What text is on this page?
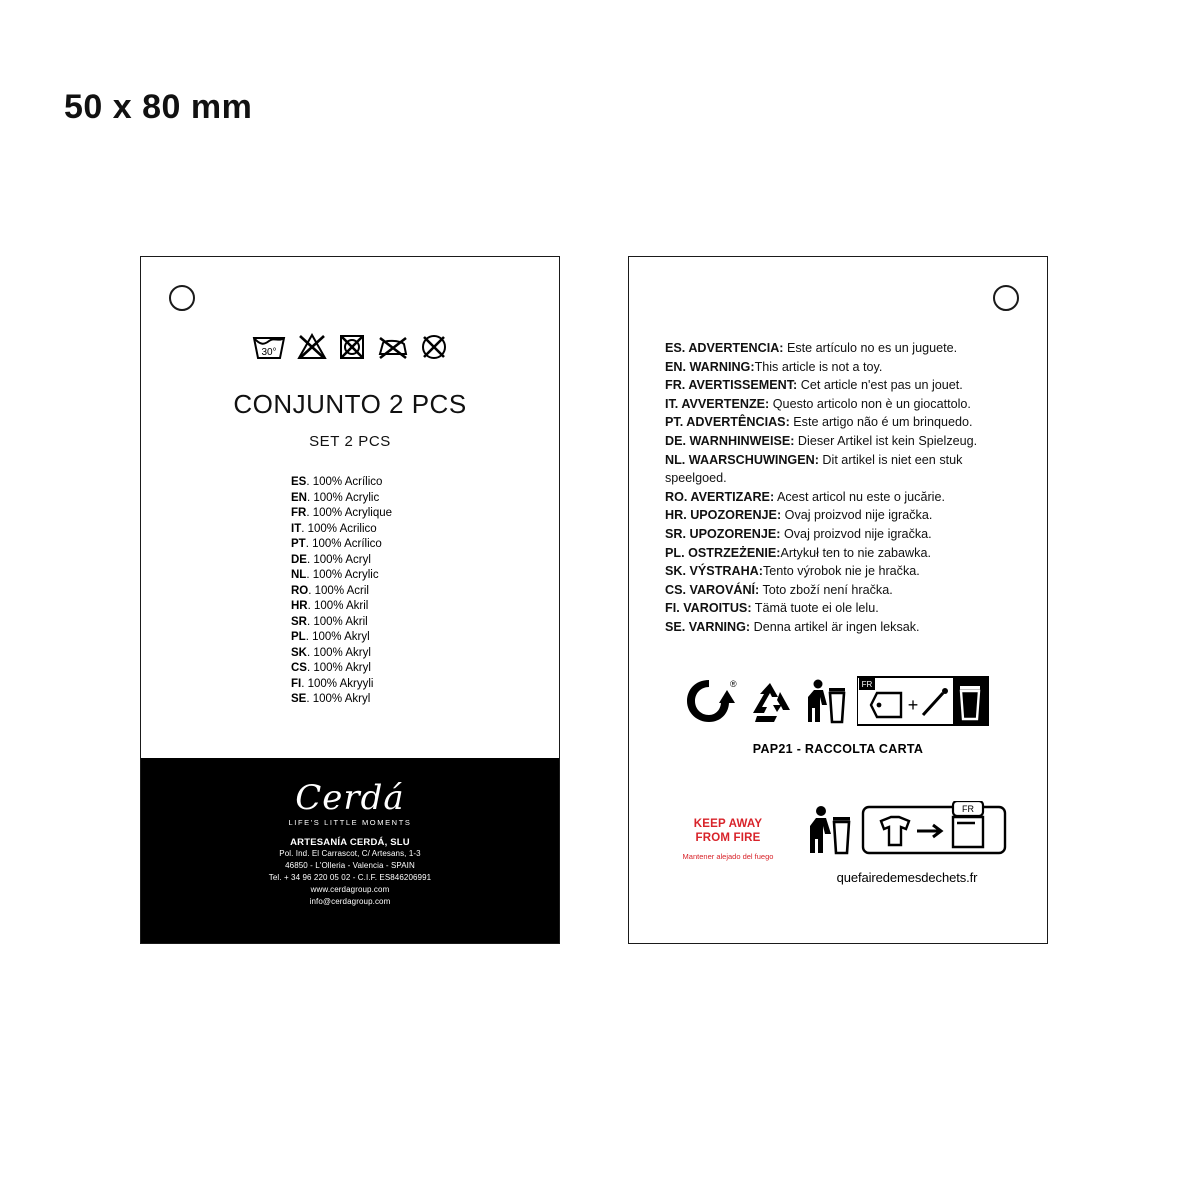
50 x 80 mm
30°
CONJUNTO 2 PCS
SET 2 PCS
ES. 100% Acrílico
EN. 100% Acrylic
FR. 100% Acrylique
IT. 100% Acrilico
PT. 100% Acrílico
DE. 100% Acryl
NL. 100% Acrylic
RO. 100% Acril
HR. 100% Akril
SR. 100% Akril
PL. 100% Akryl
SK. 100% Akryl
CS. 100% Akryl
FI. 100% Akryyli
SE. 100% Akryl
Cerdá
LIFE'S LITTLE MOMENTS
ARTESANÍA CERDÁ, SLU
Pol. Ind. El Carrascot, C/ Artesans, 1-3
46850 - L'Olleria - Valencia - SPAIN
Tel. + 34 96 220 05 02 - C.I.F. ES846206991
www.cerdagroup.com
info@cerdagroup.com
ES. ADVERTENCIA: Este artículo no es un juguete.
EN. WARNING:This article is not a toy.
FR. AVERTISSEMENT: Cet article n'est pas un jouet.
IT. AVVERTENZE: Questo articolo non è un giocattolo.
PT. ADVERTÊNCIAS: Este artigo não é um brinquedo.
DE. WARNHINWEISE: Dieser Artikel ist kein Spielzeug.
NL. WAARSCHUWINGEN: Dit artikel is niet een stuk speelgoed.
RO. AVERTIZARE: Acest articol nu este o jucărie.
HR. UPOZORENJE: Ovaj proizvod nije igračka.
SR. UPOZORENJE: Ovaj proizvod nije igračka.
PL. OSTRZEŻENIE:Artykuł ten to nie zabawka.
SK. VÝSTRAHA:Tento výrobok nie je hračka.
CS. VAROVÁNÍ: Toto zboží není hračka.
FI. VAROITUS: Tämä tuote ei ole lelu.
SE. VARNING: Denna artikel är ingen leksak.
®	FR
+
PAP21 - RACCOLTA CARTA
KEEP AWAY FROM FIRE
Mantener alejado del fuego
FR
quefairedemesdechets.fr
